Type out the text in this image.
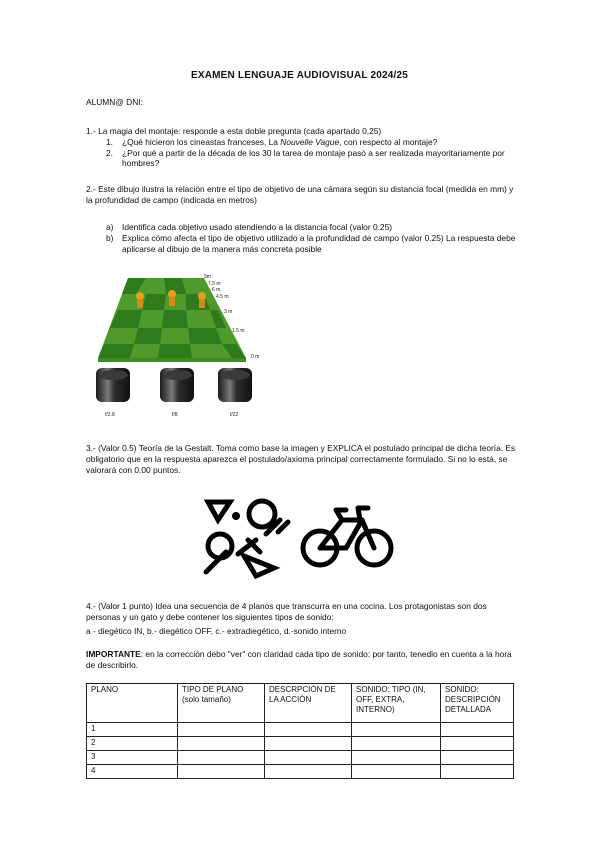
EXAMEN LENGUAJE AUDIOVISUAL 2024/25
ALUMN@ DNI:
1.- La magia del montaje: responde a esta doble pregunta (cada apartado 0,25)
1. ¿Qué hicieron los cineastas franceses, La Nouvelle Vague, con respecto al montaje?
2. ¿Por qué a partir de la década de los 30 la tarea de montaje pasó a ser realizada mayoritariamente por hombres?
2.- Este dibujo ilustra la relación entre el tipo de objetivo de una cámara según su distancia focal (medida en mm) y la profundidad de campo (indicada en metros)
a) Identifica cada objetivo usado atendiendo a la distancia focal (valor 0.25)
b) Explica cómo afecta el tipo de objetivo utilizado a la profundidad de campo (valor 0.25) La respuesta debe aplicarse al dibujo de la manera más concreta posible
9m
7.5 m
6 m
4.5 m
3 m
1.5 m
0 m
f/2.8	f/8	f/22
3.- (Valor 0.5) Teoría de la Gestalt. Toma como base la imagen y EXPLICA el postulado principal de dicha teoría. Es obligatorio que en la respuesta aparezca el postulado/axioma principal correctamente formulado. Si no lo está, se valorará con 0.00 puntos.
4.- (Valor 1 punto) Idea una secuencia de 4 planos que transcurra en una cocina. Los protagonistas son dos personas y un gato y debe contener los siguientes tipos de sonido:
a - diegético IN, b.- diegético OFF, c.- extradiegético, d.-sonido interno
IMPORTANTE: en la corrección debo "ver" con claridad cada tipo de sonido; por tanto, tenedlo en cuenta a la hora de describirlo.
PLANO	TIPO DE PLANO (solo tamaño)	DESCRPCIÓN DE LA ACCIÓN	SONIDO: TIPO (IN, OFF, EXTRA, INTERNO)	SONIDO: DESCRIPCIÓN DETALLADA
1				
2				
3				
4				
